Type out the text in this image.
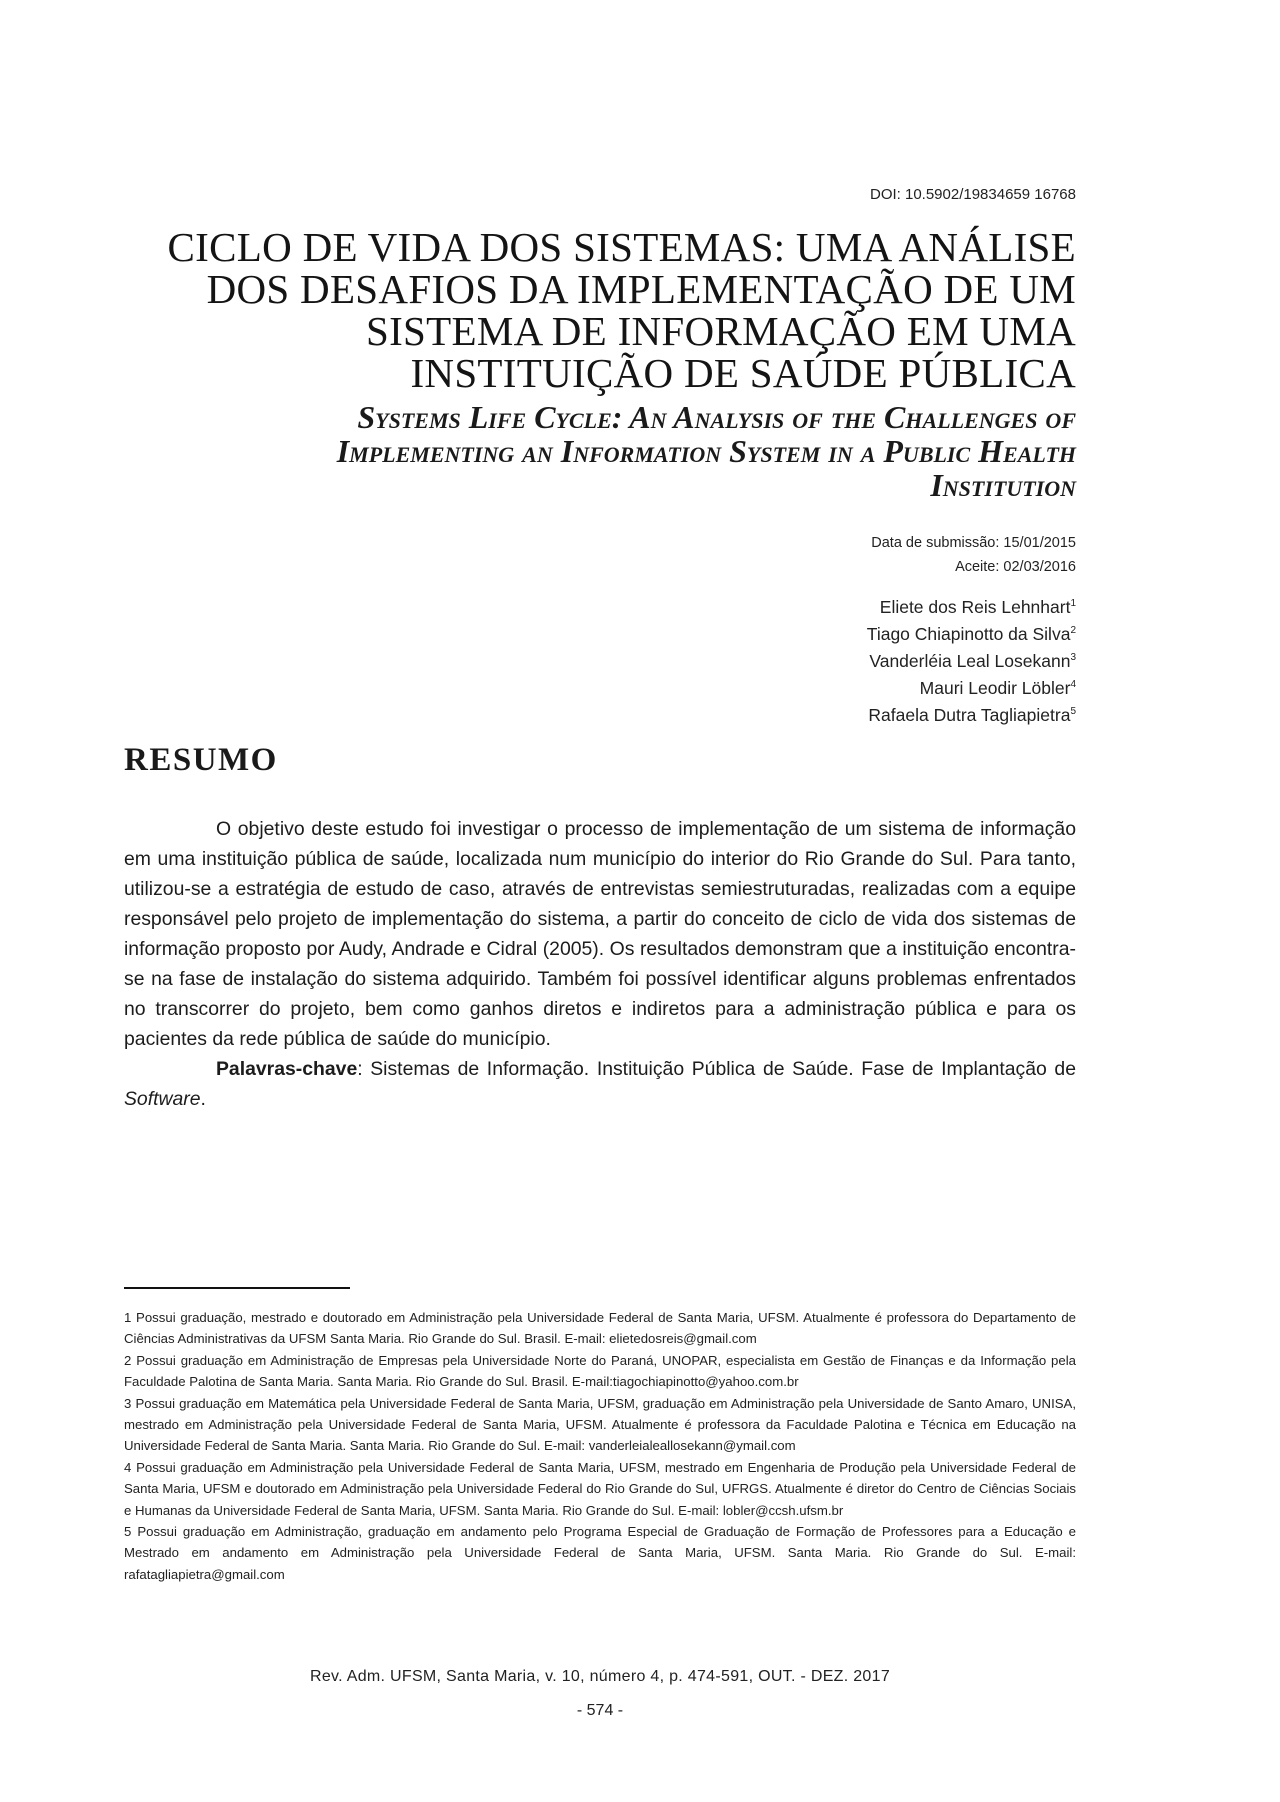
DOI: 10.5902/19834659 16768
CICLO DE VIDA DOS SISTEMAS: UMA ANÁLISE
DOS DESAFIOS DA IMPLEMENTAÇÃO DE UM
SISTEMA DE INFORMAÇÃO EM UMA
INSTITUIÇÃO DE SAÚDE PÚBLICA
Systems Life Cycle: An Analysis of the Challenges of
Implementing an Information System in a Public Health
Institution
Data de submissão: 15/01/2015
Aceite: 02/03/2016
Eliete dos Reis Lehnhart$^1$
Tiago Chiapinotto da Silva$^2$
Vanderléia Leal Losekann$^3$
Mauri Leodir Löbler$^4$
Rafaela Dutra Tagliapietra$^5$
RESUMO

O objetivo deste estudo foi investigar o processo de implementação de um sistema de informação em uma instituição pública de saúde, localizada num município do interior do Rio Grande do Sul. Para tanto, utilizou-se a estratégia de estudo de caso, através de entrevistas semiestruturadas, realizadas com a equipe responsável pelo projeto de implementação do sistema, a partir do conceito de ciclo de vida dos sistemas de informação proposto por Audy, Andrade e Cidral (2005). Os resultados demonstram que a instituição encontra-se na fase de instalação do sistema adquirido. Também foi possível identificar alguns problemas enfrentados no transcorrer do projeto, bem como ganhos diretos e indiretos para a administração pública e para os pacientes da rede pública de saúde do município.

Palavras-chave: Sistemas de Informação. Instituição Pública de Saúde. Fase de Implantação de Software.

1 Possui graduação, mestrado e doutorado em Administração pela Universidade Federal de Santa Maria, UFSM. Atualmente é professora do Departamento de Ciências Administrativas da UFSM Santa Maria. Rio Grande do Sul. Brasil. E-mail: elietedosreis@gmail.com

2 Possui graduação em Administração de Empresas pela Universidade Norte do Paraná, UNOPAR, especialista em Gestão de Finanças e da Informação pela Faculdade Palotina de Santa Maria. Santa Maria. Rio Grande do Sul. Brasil. E-mail:tiagochiapinotto@yahoo.com.br

3 Possui graduação em Matemática pela Universidade Federal de Santa Maria, UFSM, graduação em Administração pela Universidade de Santo Amaro, UNISA, mestrado em Administração pela Universidade Federal de Santa Maria, UFSM. Atualmente é professora da Faculdade Palotina e Técnica em Educação na Universidade Federal de Santa Maria. Santa Maria. Rio Grande do Sul. E-mail: vanderleialeallosekann@ymail.com

4 Possui graduação em Administração pela Universidade Federal de Santa Maria, UFSM, mestrado em Engenharia de Produção pela Universidade Federal de Santa Maria, UFSM e doutorado em Administração pela Universidade Federal do Rio Grande do Sul, UFRGS. Atualmente é diretor do Centro de Ciências Sociais e Humanas da Universidade Federal de Santa Maria, UFSM. Santa Maria. Rio Grande do Sul. E-mail: lobler@ccsh.ufsm.br

5 Possui graduação em Administração, graduação em andamento pelo Programa Especial de Graduação de Formação de Professores para a Educação e Mestrado em andamento em Administração pela Universidade Federal de Santa Maria, UFSM. Santa Maria. Rio Grande do Sul. E-mail: rafatagliapietra@gmail.com

Rev. Adm. UFSM, Santa Maria, v. 10, número 4, p. 474-591, OUT. - DEZ. 2017
- 574 -
